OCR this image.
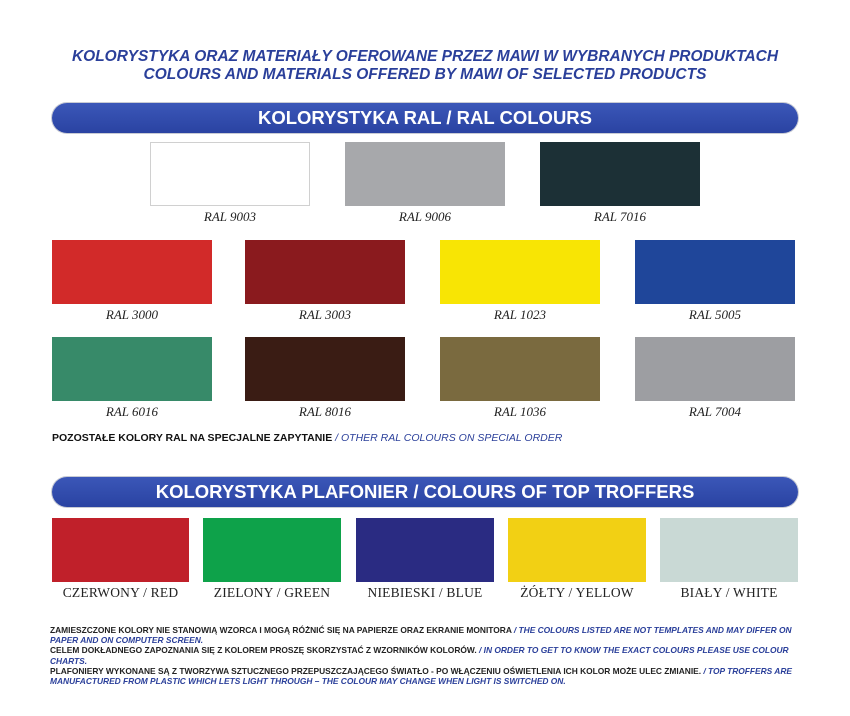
KOLORYSTYKA ORAZ MATERIAŁY OFEROWANE PRZEZ MAWI W WYBRANYCH PRODUKTACH
COLOURS AND MATERIALS OFFERED BY MAWI OF SELECTED PRODUCTS
KOLORYSTYKA RAL / RAL COLOURS
RAL 9003	RAL 9006	RAL 7016
RAL 3000	RAL 3003	RAL 1023	RAL 5005
RAL 6016	RAL 8016	RAL 1036	RAL 7004
POZOSTAŁE KOLORY RAL NA SPECJALNE ZAPYTANIE / OTHER RAL COLOURS ON SPECIAL ORDER
KOLORYSTYKA PLAFONIER / COLOURS OF TOP TROFFERS
CZERWONY / RED	ZIELONY / GREEN	NIEBIESKI / BLUE	ŻÓŁTY / YELLOW	BIAŁY / WHITE

ZAMIESZCZONE KOLORY NIE STANOWIĄ WZORCA I MOGĄ RÓŻNIĆ SIĘ NA PAPIERZE ORAZ EKRANIE MONITORA / THE COLOURS LISTED ARE NOT TEMPLATES AND MAY DIFFER ON PAPER AND ON COMPUTER SCREEN.

CELEM DOKŁADNEGO ZAPOZNANIA SIĘ Z KOLOREM PROSZĘ SKORZYSTAĆ Z WZORNIKÓW KOLORÓW. / IN ORDER TO GET TO KNOW THE EXACT COLOURS PLEASE USE COLOUR CHARTS.

PLAFONIERY WYKONANE SĄ Z TWORZYWA SZTUCZNEGO PRZEPUSZCZAJĄCEGO ŚWIATŁO - PO WŁĄCZENIU OŚWIETLENIA ICH KOLOR MOŻE ULEC ZMIANIE. / TOP TROFFERS ARE MANUFACTURED FROM PLASTIC WHICH LETS LIGHT THROUGH – THE COLOUR MAY CHANGE WHEN LIGHT IS SWITCHED ON.
